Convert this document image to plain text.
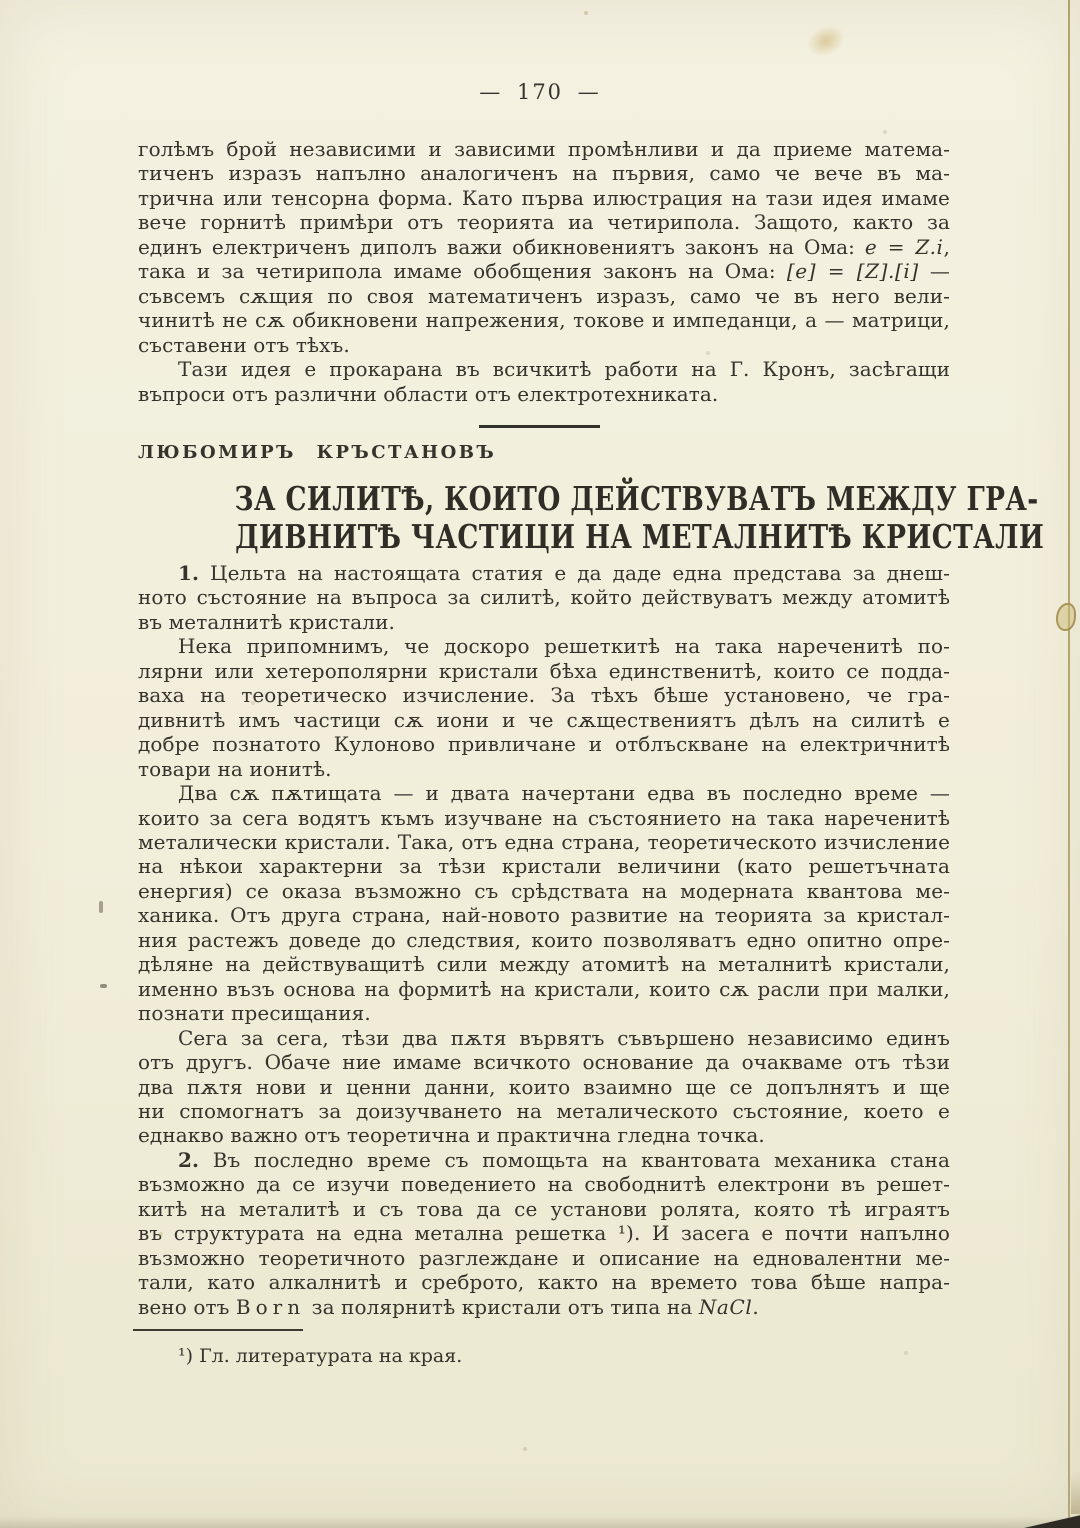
— 170 —
голѣмъ брой независими и зависими промѣнливи и да приеме матема-
тиченъ изразъ напълно аналогиченъ на първия, само че вече въ ма-
трична или тенсорна форма. Като първа илюстрация на тази идея имаме
вече горнитѣ примѣри отъ теорията иа четирипола. Защото, както за
единъ електриченъ диполъ важи обикновениятъ законъ на Ома: e = Z.i,
така и за четирипола имаме обобщения законъ на Ома: [e] = [Z].[i] —
съвсемъ сѫщия по своя математиченъ изразъ, само че въ него вели-
чинитѣ не сѫ обикновени напрежения, токове и импеданци, а — матрици,
съставени отъ тѣхъ.
Тази идея е прокарана въ всичкитѣ работи на Г. Кронъ, засѣгащи
въпроси отъ различни области отъ електротехниката.
ЛЮБОМИРЪ КРЪСТАНОВЪ
ЗА СИЛИТѢ, КОИТО ДЕЙСТВУВАТЪ МЕЖДУ ГРА-
ДИВНИТѢ ЧАСТИЦИ НА МЕТАЛНИТѢ КРИСТАЛИ
1. Цельта на настоящата статия е да даде една представа за днеш-
ното състояние на въпроса за силитѣ, който действуватъ между атомитѣ
въ металнитѣ кристали.
Нека припомнимъ, че доскоро решеткитѣ на така нареченитѣ по-
лярни или хетерополярни кристали бѣха единственитѣ, които се подда-
ваха на теоретическо изчисление. За тѣхъ бѣше установено, че гра-
дивнитѣ имъ частици сѫ иони и че сѫществениятъ дѣлъ на силитѣ е
добре познатото Кулоново привличане и отблъскване на електричнитѣ
товари на ионитѣ.
Два сѫ пѫтищата — и двата начертани едва въ последно време —
които за сега водятъ къмъ изучване на състоянието на така нареченитѣ
металически кристали. Така, отъ една страна, теоретическото изчисление
на нѣкои характерни за тѣзи кристали величини (като решетъчната
енергия) се оказа възможно съ срѣдствата на модерната квантова ме-
ханика. Отъ друга страна, най-новото развитие на теорията за кристал-
ния растежъ доведе до следствия, които позволяватъ едно опитно опре-
дѣляне на действуващитѣ сили между атомитѣ на металнитѣ кристали,
именно възъ основа на формитѣ на кристали, които сѫ расли при малки,
познати пресищания.
Сега за сега, тѣзи два пѫтя вървятъ съвършено независимо единъ
отъ другъ. Обаче ние имаме всичкото основание да очакваме отъ тѣзи
два пѫтя нови и ценни данни, които взаимно ще се допълнятъ и ще
ни спомогнатъ за доизучването на металическото състояние, което е
еднакво важно отъ теоретична и практична гледна точка.
2. Въ последно време съ помощьта на квантовата механика стана
възможно да се изучи поведението на свободнитѣ електрони въ решет-
китѣ на металитѣ и съ това да се установи ролята, която тѣ играятъ
въ структурата на една метална решетка ¹). И засега е почти напълно
възможно теоретичното разглеждане и описание на едновалентни ме-
тали, като алкалнитѣ и среброто, както на времето това бѣше напра-
вено отъ Born за полярнитѣ кристали отъ типа на NaCl.
¹) Гл. литературата на края.
